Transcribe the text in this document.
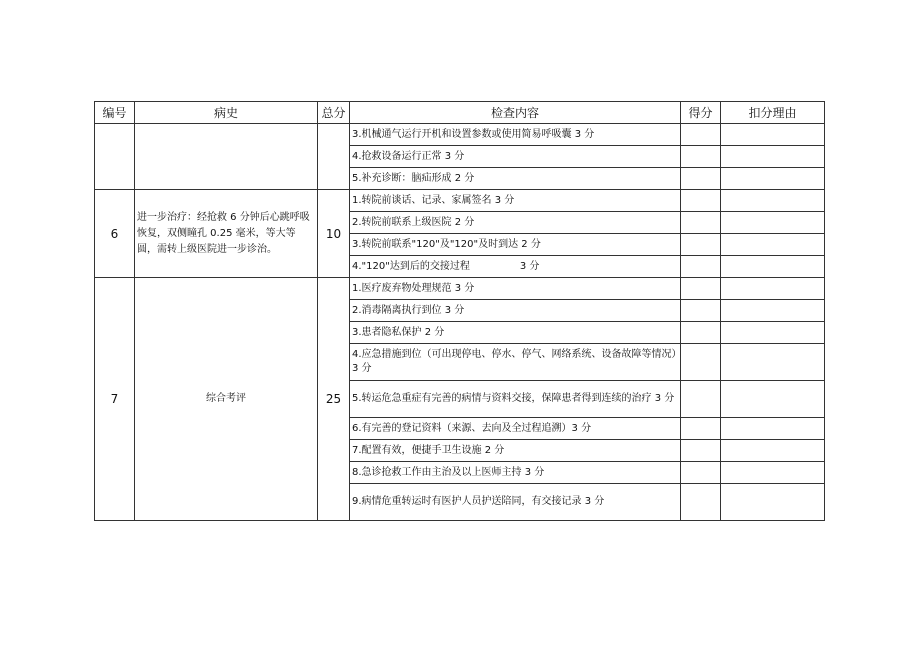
编号	病史	总分	检查内容	得分	扣分理由
			3.机械通气运行开机和设置参数或使用简易呼吸囊 3 分		
			4.抢救设备运行正常 3 分		
			5.补充诊断：脑疝形成 2 分		
6	进一步治疗：经抢救 6 分钟后心跳呼吸恢复，双侧瞳孔 0.25 毫米，等大等圆，需转上级医院进一步诊治。	10	1.转院前谈话、记录、家属签名 3 分		
			2.转院前联系上级医院 2 分		
			3.转院前联系"120"及"120"及时到达 2 分		
			4."120"达到后的交接过程　　　　　3 分		
7	综合考评	25	1.医疗废弃物处理规范 3 分		
			2.消毒隔离执行到位 3 分		
			3.患者隐私保护 2 分		
			4.应急措施到位（可出现停电、停水、停气、网络系统、设备故障等情况）3 分		
			5.转运危急重症有完善的病情与资料交接，保障患者得到连续的治疗 3 分		
			6.有完善的登记资料（来源、去向及全过程追溯）3 分		
			7.配置有效，便捷手卫生设施 2 分		
			8.急诊抢救工作由主治及以上医师主持 3 分		
			9.病情危重转运时有医护人员护送陪同，有交接记录 3 分		
